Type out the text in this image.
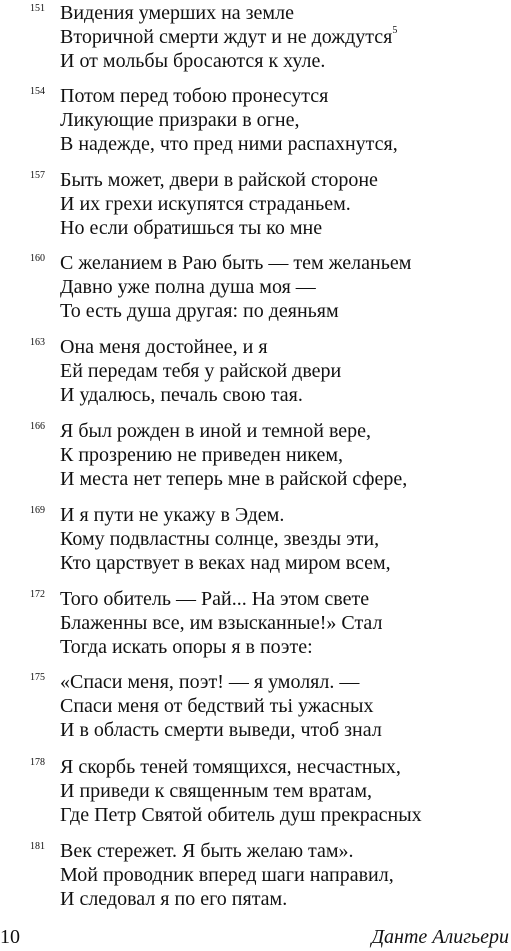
151 Видения умерших на земле
Вторичной смерти ждут и не дождутся$^5$
И от мольбы бросаются к хуле.
154 Потом перед тобою пронесутся
Ликующие призраки в огне,
В надежде, что пред ними распахнутся,
157 Быть может, двери в райской стороне
И их грехи искупятся страданьем.
Но если обратишься ты ко мне
160 С желанием в Раю быть — тем желаньем
Давно уже полна душа моя —
То есть душа другая: по деяньям
163 Она меня достойнее, и я
Ей передам тебя у райской двери
И удалюсь, печаль свою тая.
166 Я был рожден в иной и темной вере,
К прозрению не приведен никем,
И места нет теперь мне в райской сфере,
169 И я пути не укажу в Эдем.
Кому подвластны солнце, звезды эти,
Кто царствует в веках над миром всем,
172 Того обитель — Рай... На этом свете
Блаженны все, им взысканные!» Стал
Тогда искать опоры я в поэте:
175 «Спаси меня, поэт! — я умолял. —
Спаси меня от бедствий тьі ужасных
И в область смерти выведи, чтоб знал
178 Я скорбь теней томящихся, несчастных,
И приведи к священным тем вратам,
Где Петр Святой обитель душ прекрасных
181 Век стережет. Я быть желаю там».
Мой проводник вперед шаги направил,
И следовал я по его пятам.
10	Данте Алигьери
